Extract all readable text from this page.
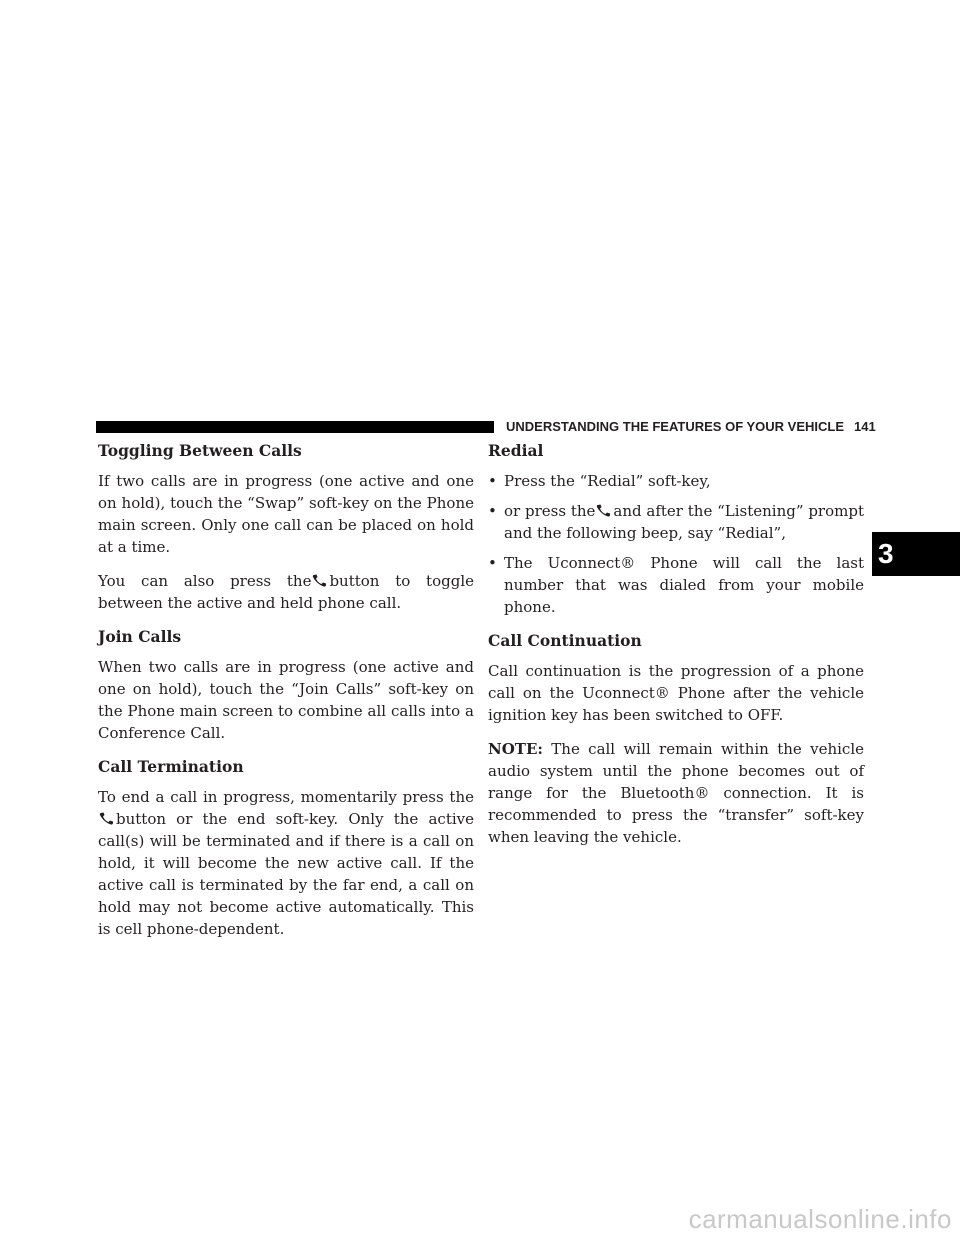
UNDERSTANDING THE FEATURES OF YOUR VEHICLE 141
3
Toggling Between Calls

If two calls are in progress (one active and one on hold), touch the “Swap” soft-key on the Phone main screen. Only one call can be placed on hold at a time.

You can also press the button to toggle between the active and held phone call.

Join Calls

When two calls are in progress (one active and one on hold), touch the “Join Calls” soft-key on the Phone main screen to combine all calls into a Conference Call.

Call Termination

To end a call in progress, momentarily press thebutton or the end soft-key. Only the active call(s) will be terminated and if there is a call on hold, it will become the new active call. If the active call is terminated by the far end, a call on hold may not become active automatically. This is cell phone-dependent.

Redial
• Press the “Redial” soft-key,
• or press the and after the “Listening” prompt and the following beep, say “Redial”,
• The Uconnect® Phone will call the last number that was dialed from your mobile phone.
Call Continuation

Call continuation is the progression of a phone call on the Uconnect® Phone after the vehicle ignition key has been switched to OFF.

NOTE: The call will remain within the vehicle audio system until the phone becomes out of range for the Bluetooth® connection. It is recommended to press the “transfer” soft-key when leaving the vehicle.

carmanualsonline.info
